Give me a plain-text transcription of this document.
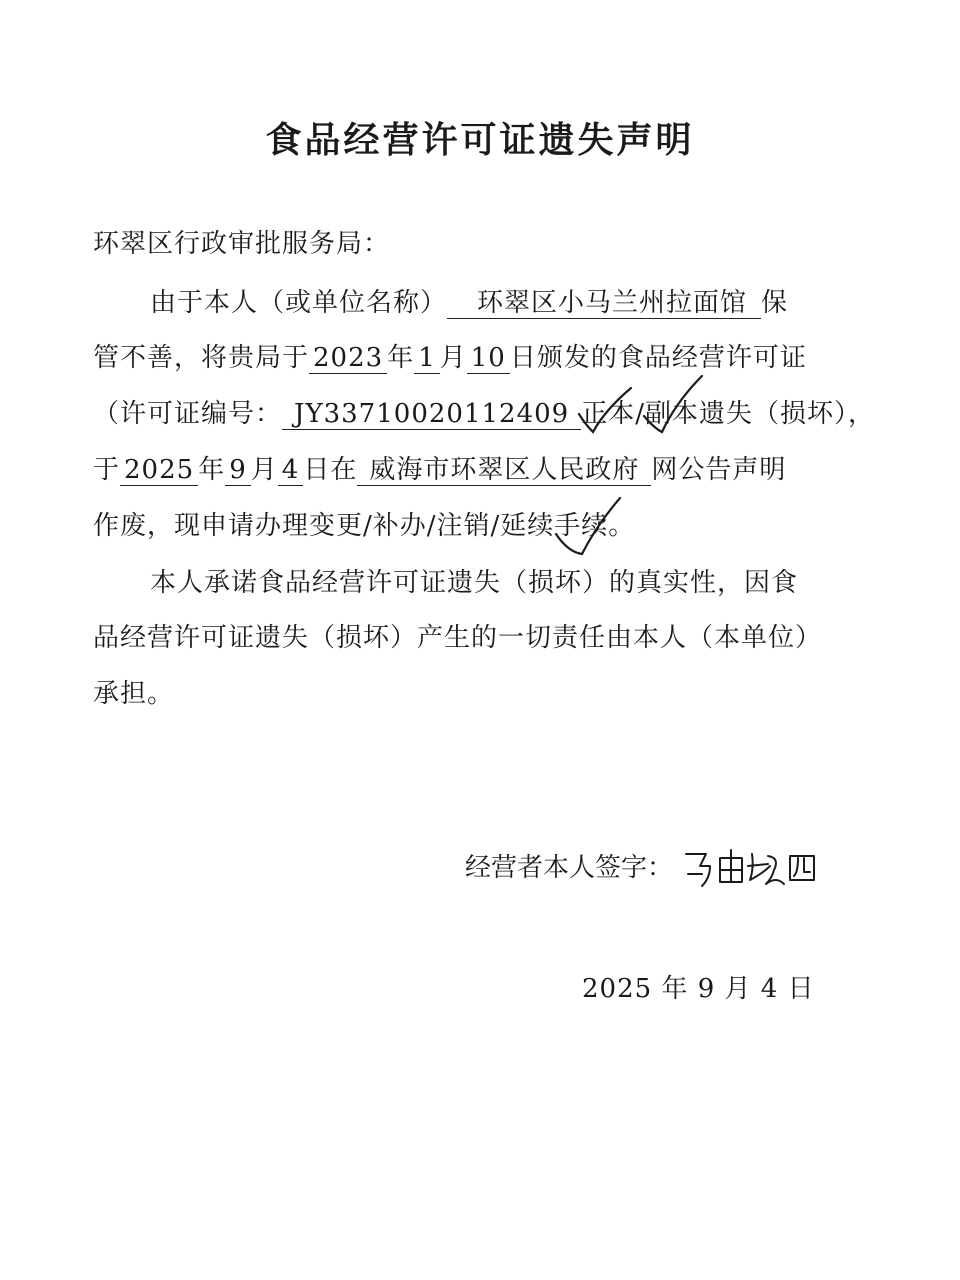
食品经营许可证遗失声明
环翠区行政审批服务局：
由于本人（或单位名称） 环翠区小马兰州拉面馆 保
管不善，将贵局于 2023 年 1 月 10 日颁发的食品经营许可证
（许可证编号： JY33710020112409 正本/副本遗失（损坏），
于 2025 年 9 月 4 日在 威海市环翠区人民政府 网公告声明
作废，现申请办理变更/补办/注销/延续手续。
本人承诺食品经营许可证遗失（损坏）的真实性，因食
品经营许可证遗失（损坏）产生的一切责任由本人（本单位）
承担。
经营者本人签字：
2025 年 9 月 4 日
